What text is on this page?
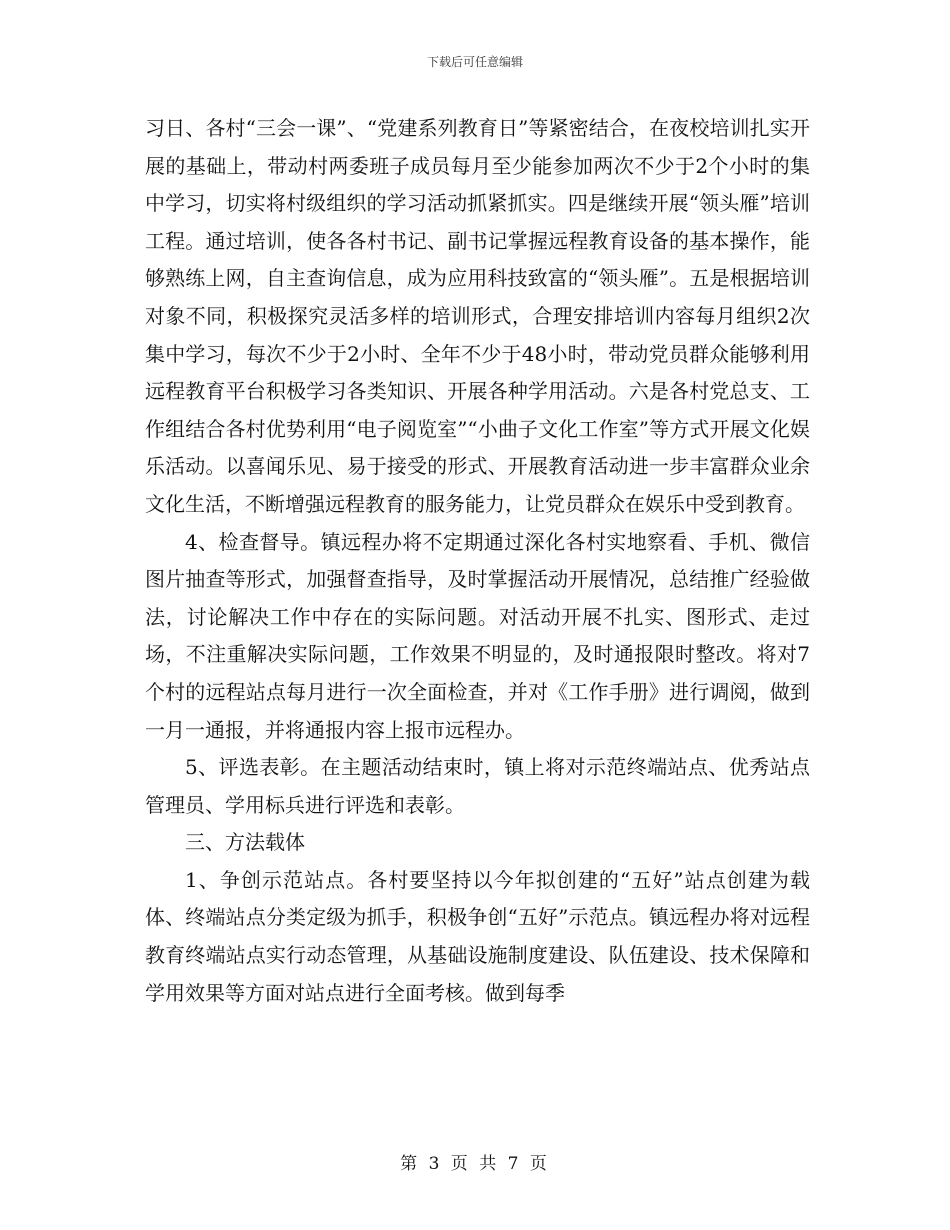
下载后可任意编辑

习日、各村“三会一课”、“党建系列教育日”等紧密结合，在夜校培训扎实开展的基础上，带动村两委班子成员每月至少能参加两次不少于2个小时的集中学习，切实将村级组织的学习活动抓紧抓实。四是继续开展“领头雁”培训工程。通过培训，使各各村书记、副书记掌握远程教育设备的基本操作，能够熟练上网，自主查询信息，成为应用科技致富的“领头雁”。五是根据培训对象不同，积极探究灵活多样的培训形式，合理安排培训内容每月组织2次集中学习，每次不少于2小时、全年不少于48小时，带动党员群众能够利用远程教育平台积极学习各类知识、开展各种学用活动。六是各村党总支、工作组结合各村优势利用“电子阅览室”“小曲子文化工作室”等方式开展文化娱乐活动。以喜闻乐见、易于接受的形式、开展教育活动进一步丰富群众业余文化生活，不断增强远程教育的服务能力，让党员群众在娱乐中受到教育。

4、检查督导。镇远程办将不定期通过深化各村实地察看、手机、微信图片抽查等形式，加强督查指导，及时掌握活动开展情况，总结推广经验做法，讨论解决工作中存在的实际问题。对活动开展不扎实、图形式、走过场，不注重解决实际问题，工作效果不明显的，及时通报限时整改。将对7个村的远程站点每月进行一次全面检查，并对《工作手册》进行调阅，做到一月一通报，并将通报内容上报市远程办。

5、评选表彰。在主题活动结束时，镇上将对示范终端站点、优秀站点管理员、学用标兵进行评选和表彰。

三、方法载体

1、争创示范站点。各村要坚持以今年拟创建的“五好”站点创建为载体、终端站点分类定级为抓手，积极争创“五好”示范点。镇远程办将对远程教育终端站点实行动态管理，从基础设施制度建设、队伍建设、技术保障和学用效果等方面对站点进行全面考核。做到每季

第 3 页 共 7 页
